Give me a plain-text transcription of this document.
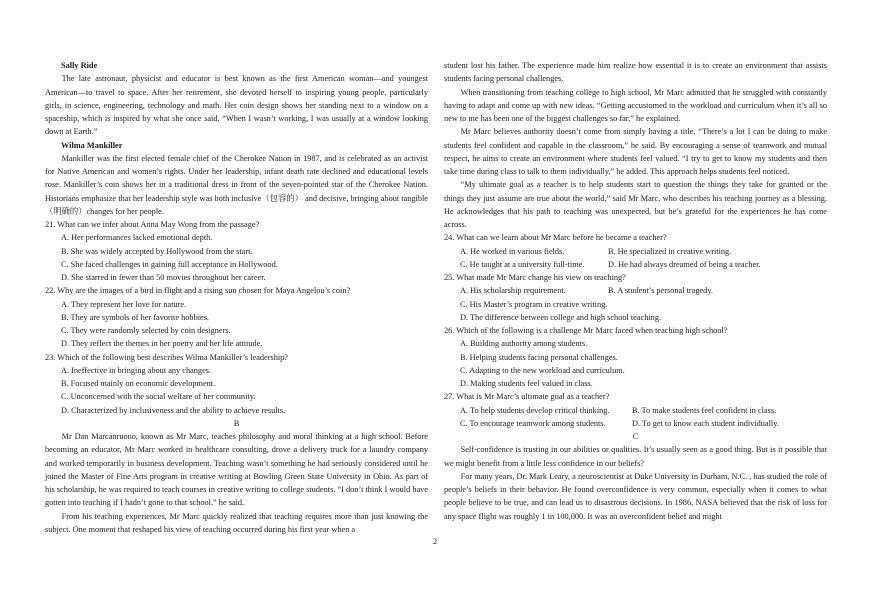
Sally Ride

The late astronaut, physicist and educator is best known as the first American woman—and youngest American—to travel to space. After her retirement, she devoted herself to inspiring young people, particularly girls, in science, engineering, technology and math. Her coin design shows her standing next to a window on a spaceship, which is inspired by what she once said. “When I wasn’t working, I was usually at a window looking down at Earth.”

Wilma Mankiller

Mankiller was the first elected female chief of the Cherokee Nation in 1987, and is celebrated as an activist for Native American and women’s rights. Under her leadership, infant death rate declined and educational levels rose. Mankiller’s coin shows her in a traditional dress in front of the seven-pointed star of the Cherokee Nation. Historians emphasize that her leadership style was both inclusive（包容的） and decisive, bringing about tangible（明确的）changes for her people.

21. What can we infer about Anna May Wong from the passage?

A. Her performances lacked emotional depth.

B. She was widely accepted by Hollywood from the start.

C. She faced challenges in gaining full acceptance in Hollywood.

D. She starred in fewer than 50 movies throughout her career.

22. Why are the images of a bird in flight and a rising sun chosen for Maya Angelou’s coin?

A. They represent her love for nature.

B. They are symbols of her favorite hobbies.

C. They were randomly selected by coin designers.

D. They reflect the themes in her poetry and her life attitude.

23. Which of the following best describes Wilma Mankiller’s leadership?

A. Ineffective in bringing about any changes.

B. Focused mainly on economic development.

C. Unconcerned with the social welfare of her community.

D. Characterized by inclusiveness and the ability to achieve results.

B

Mr Dan Marcanruono, known as Mr Marc, teaches philosophy and moral thinking at a high school. Before becoming an educator, Mr Marc worked in healthcare consulting, drove a delivery truck for a laundry company and worked temporarily in business development. Teaching wasn’t something he had seriously considered until he joined the Master of Fine Arts program in creative writing at Bowling Green State University in Ohio. As part of his scholarship, he was required to teach courses in creative writing to college students. “I don’t think I would have gotten into teaching if I hadn’t gone to that school.” he said.

From his teaching experiences, Mr Marc quickly realized that teaching requires more than just knowing the subject. One moment that reshaped his view of teaching occurred during his first year when a

student lost his father. The experience made him realize how essential it is to create an environment that assists students facing personal challenges.

When transitioning from teaching college to high school, Mr Marc admitted that he struggled with constantly having to adapt and come up with new ideas. “Getting accustomed to the workload and curriculum when it’s all so new to me has been one of the biggest challenges so far,” he explained.

Mr Marc believes authority doesn’t come from simply having a title. “There’s a lot I can be doing to make students feel confident and capable in the classroom,” he said. By encouraging a sense of teamwork and mutual respect, he aims to create an environment where students feel valued. “I try to get to know my students and then take time during class to talk to them individually,” he added. This approach helps students feel noticed.

“My ultimate goal as a teacher is to help students start to question the things they take for granted or the things they just assume are true about the world,” said Mr Marc, who describes his teaching journey as a blessing. He acknowledges that his path to teaching was unexpected, but he’s grateful for the experiences he has come across.

24. What can we learn about Mr Marc before he became a teacher?

A. He worked in various fields.	B. He specialized in creative writing.
C. He taught at a university full-time.	D. He had always dreamed of being a teacher.

25. What made Mr Marc change his view on teaching?

A. His scholarship requirement.	B. A student’s personal tragedy.

C. His Master’s program in creative writing.

D. The difference between college and high school teaching.

26. Which of the following is a challenge Mr Marc faced when teaching high school?

A. Building authority among students.

B. Helping students facing personal challenges.

C. Adapting to the new workload and curriculum.

D. Making students feel valued in class.

27. What is Mr Marc’s ultimate goal as a teacher?

A. To help students develop critical thinking.	B. To make students feel confident in class.
C. To encourage teamwork among students.	D. To get to know each student individually.

C

Self-confidence is trusting in our abilities or qualities. It’s usually seen as a good thing. But is it possible that we might benefit from a little less confidence in our beliefs?

For many years, Dr. Mark Leary, a neuroscientist at Duke University in Durham, N.C. , has studied the role of people’s beliefs in their behavior. He found overconfidence is very common, especially when it comes to what people believe to be true, and can lead us to disastrous decisions. In 1986, NASA believed that the risk of loss for any space flight was roughly 1 in 100,000. It was an overconfident belief and might

2
